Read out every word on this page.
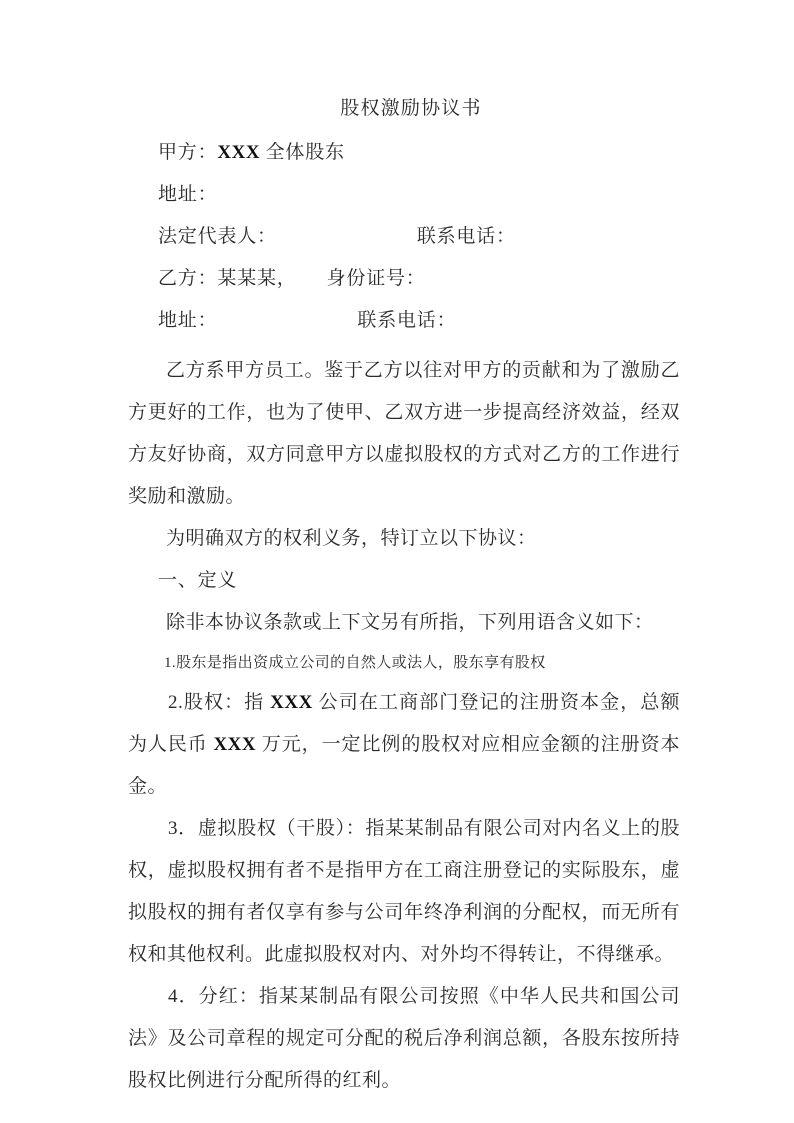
股权激励协议书
甲方：XXX 全体股东
地址：
法定代表人：	联系电话：
乙方：某某某， 身份证号：
地址：	联系电话：
乙方系甲方员工。鉴于乙方以往对甲方的贡献和为了激励乙方更好的工作，也为了使甲、乙双方进一步提高经济效益，经双方友好协商，双方同意甲方以虚拟股权的方式对乙方的工作进行奖励和激励。
为明确双方的权利义务，特订立以下协议：
一、定义
除非本协议条款或上下文另有所指，下列用语含义如下：
1.股东是指出资成立公司的自然人或法人，股东享有股权
2.股权：指 XXX 公司在工商部门登记的注册资本金，总额为人民币 XXX 万元，一定比例的股权对应相应金额的注册资本金。
3．虚拟股权（干股）：指某某制品有限公司对内名义上的股权，虚拟股权拥有者不是指甲方在工商注册登记的实际股东，虚拟股权的拥有者仅享有参与公司年终净利润的分配权，而无所有权和其他权利。此虚拟股权对内、对外均不得转让，不得继承。
4．分红：指某某制品有限公司按照《中华人民共和国公司法》及公司章程的规定可分配的税后净利润总额，各股东按所持股权比例进行分配所得的红利。
